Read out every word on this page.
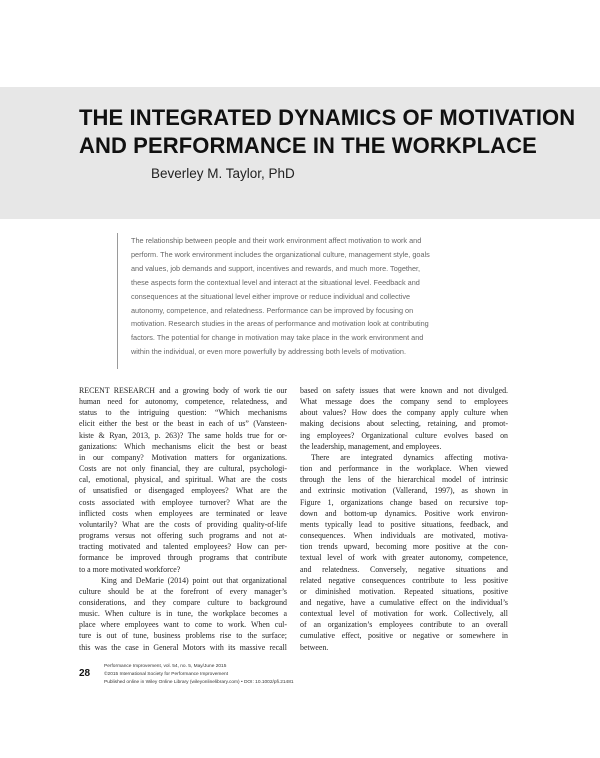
THE INTEGRATED DYNAMICS OF MOTIVATION
AND PERFORMANCE IN THE WORKPLACE
Beverley M. Taylor, PhD
The relationship between people and their work environment affect motivation to work and
perform. The work environment includes the organizational culture, management style, goals
and values, job demands and support, incentives and rewards, and much more. Together,
these aspects form the contextual level and interact at the situational level. Feedback and
consequences at the situational level either improve or reduce individual and collective
autonomy, competence, and relatedness. Performance can be improved by focusing on
motivation. Research studies in the areas of performance and motivation look at contributing
factors. The potential for change in motivation may take place in the work environment and
within the individual, or even more powerfully by addressing both levels of motivation.
RECENT RESEARCH and a growing body of work tie our
human need for autonomy, competence, relatedness, and
status to the intriguing question: “Which mechanisms
elicit either the best or the beast in each of us” (Vansteen-
kiste & Ryan, 2013, p. 263)? The same holds true for or-
ganizations: Which mechanisms elicit the best or beast
in our company? Motivation matters for organizations.
Costs are not only financial, they are cultural, psychologi-
cal, emotional, physical, and spiritual. What are the costs
of unsatisfied or disengaged employees? What are the
costs associated with employee turnover? What are the
inflicted costs when employees are terminated or leave
voluntarily? What are the costs of providing quality-of-life
programs versus not offering such programs and not at-
tracting motivated and talented employees? How can per-
formance be improved through programs that contribute
to a more motivated workforce?
King and DeMarie (2014) point out that organizational
culture should be at the forefront of every manager’s
considerations, and they compare culture to background
music. When culture is in tune, the workplace becomes a
place where employees want to come to work. When cul-
ture is out of tune, business problems rise to the surface;
this was the case in General Motors with its massive recall
based on safety issues that were known and not divulged.
What message does the company send to employees
about values? How does the company apply culture when
making decisions about selecting, retaining, and promot-
ing employees? Organizational culture evolves based on
the leadership, management, and employees.
There are integrated dynamics affecting motiva-
tion and performance in the workplace. When viewed
through the lens of the hierarchical model of intrinsic
and extrinsic motivation (Vallerand, 1997), as shown in
Figure 1, organizations change based on recursive top-
down and bottom-up dynamics. Positive work environ-
ments typically lead to positive situations, feedback, and
consequences. When individuals are motivated, motiva-
tion trends upward, becoming more positive at the con-
textual level of work with greater autonomy, competence,
and relatedness. Conversely, negative situations and
related negative consequences contribute to less positive
or diminished motivation. Repeated situations, positive
and negative, have a cumulative effect on the individual’s
contextual level of motivation for work. Collectively, all
of an organization’s employees contribute to an overall
cumulative effect, positive or negative or somewhere in
between.
28
Performance Improvement, vol. 54, no. 5, May/June 2015
©2015 International Society for Performance Improvement
Published online in Wiley Online Library (wileyonlinelibrary.com) • DOI: 10.1002/pfi.21481
